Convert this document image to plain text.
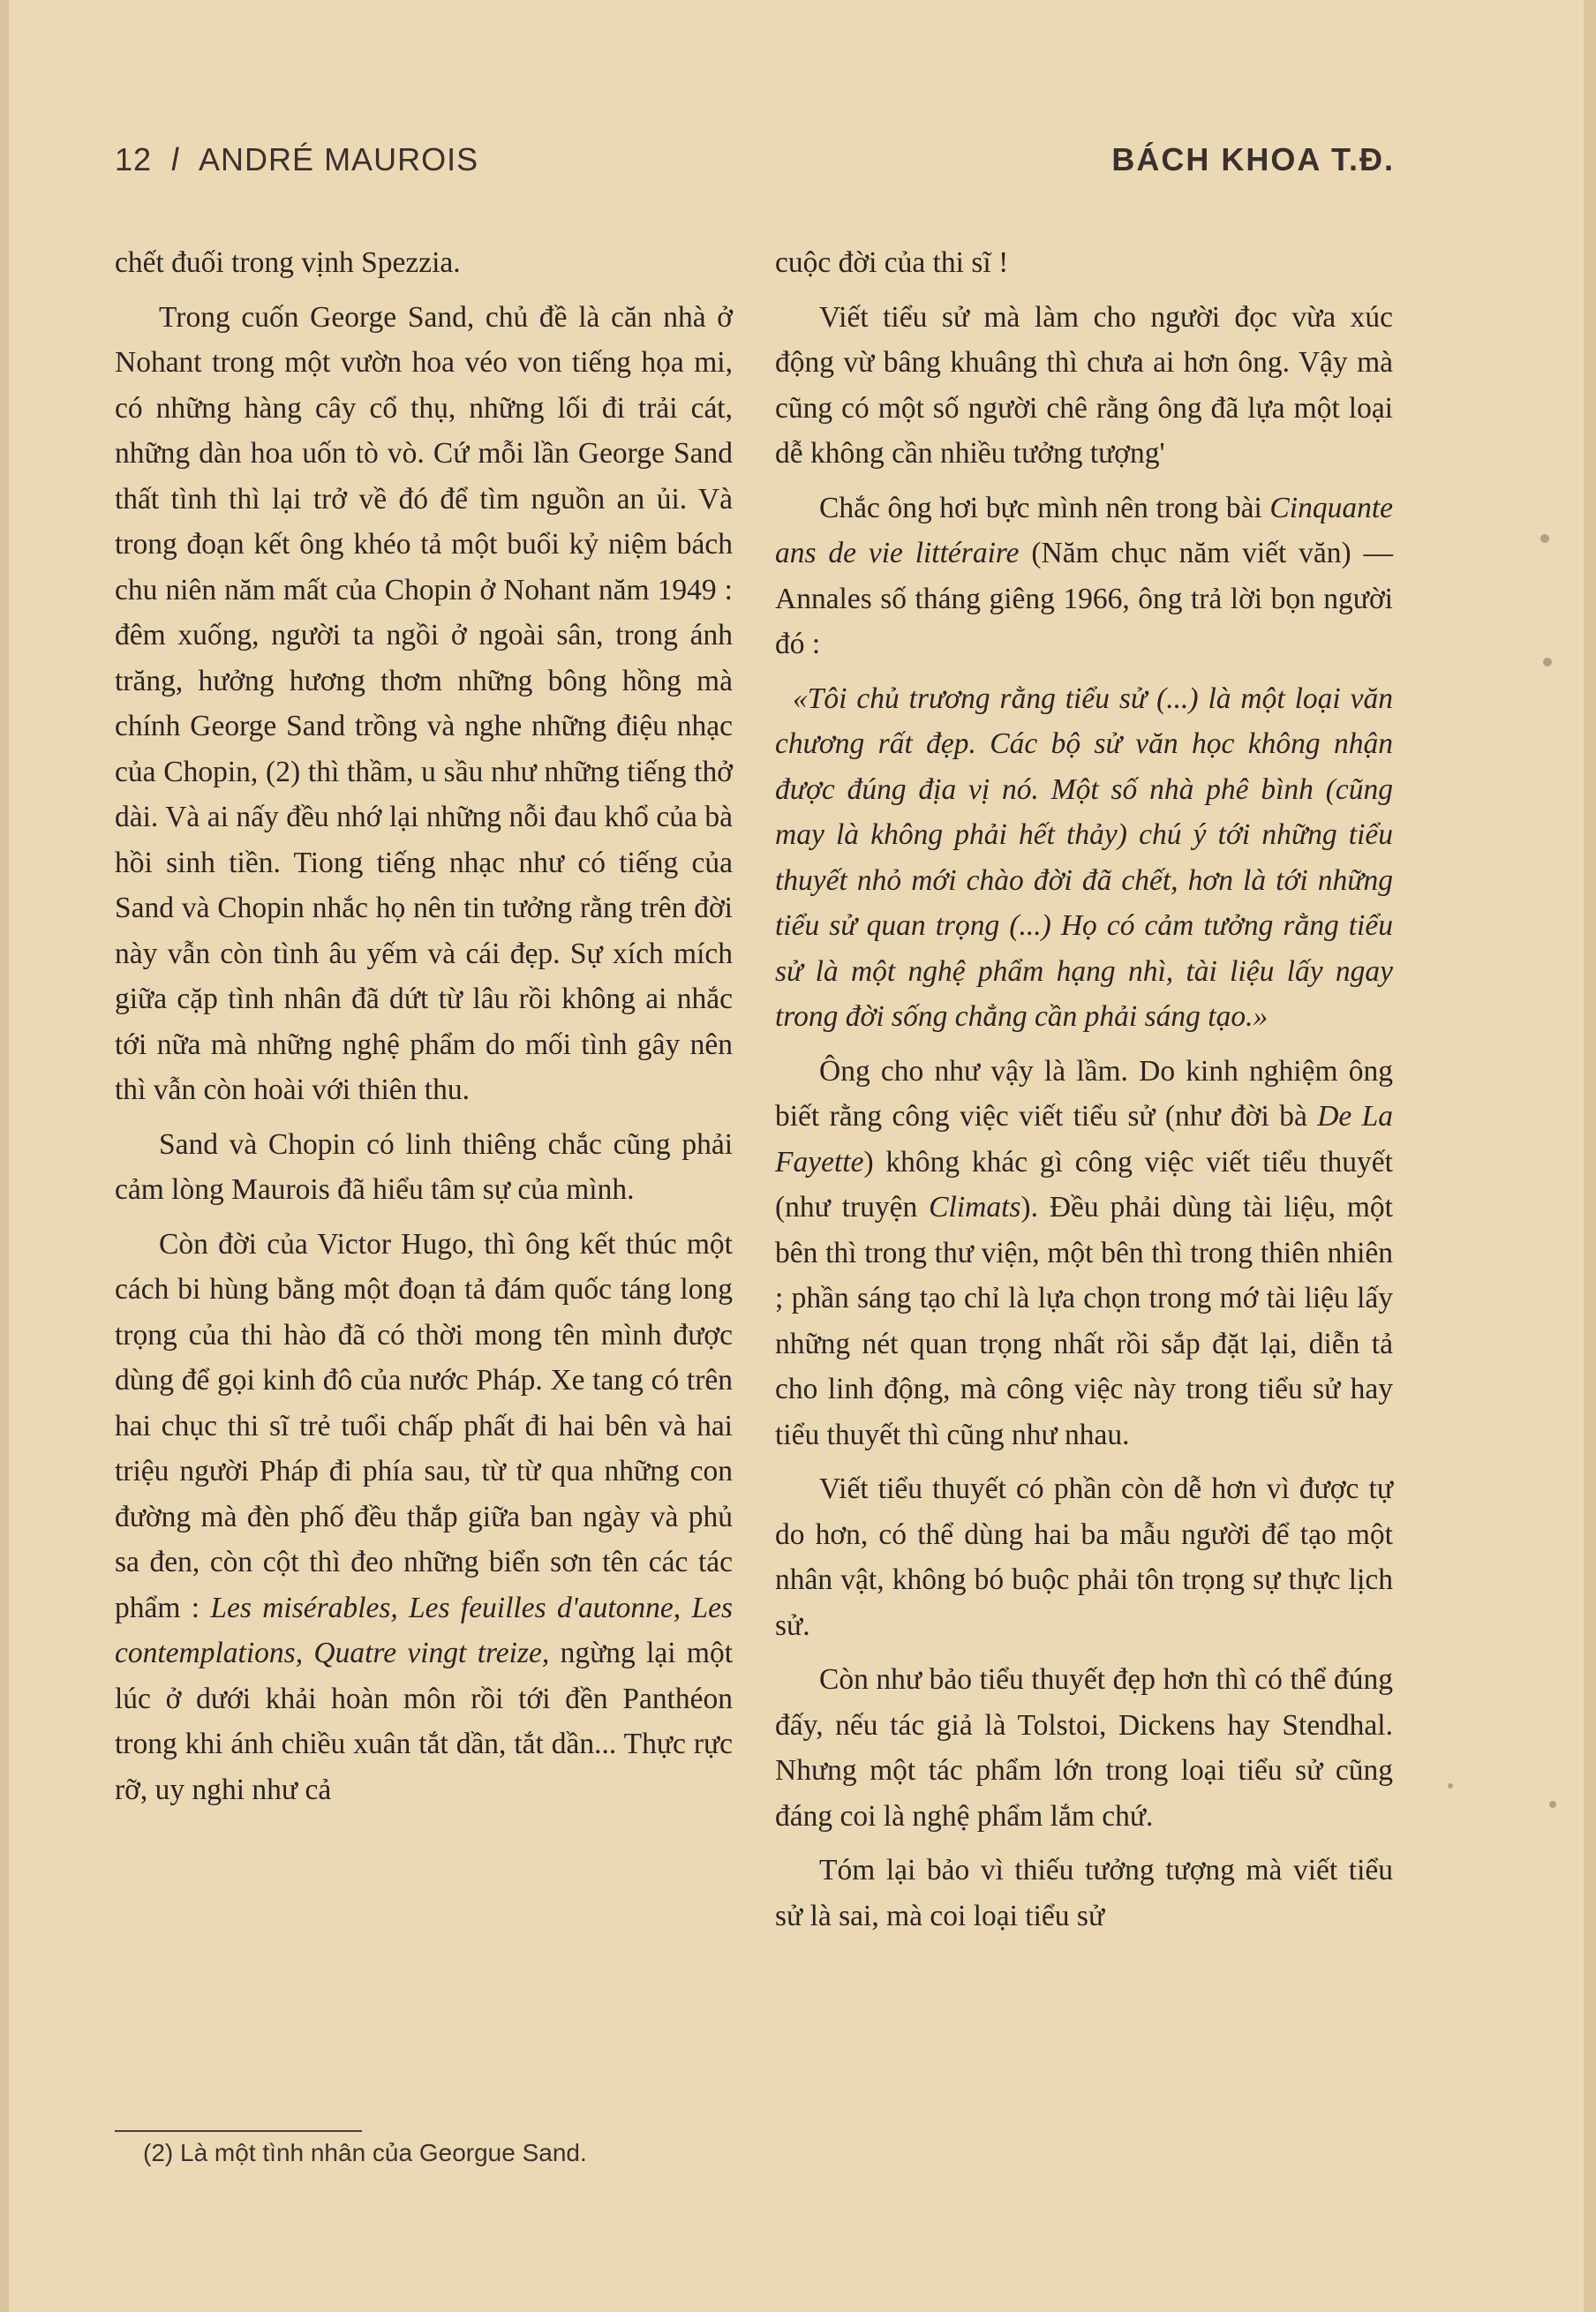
12 l ANDRÉ MAUROIS	BÁCH KHOA T.Đ.

chết đuối trong vịnh Spezzia.

Trong cuốn George Sand, chủ đề là căn nhà ở Nohant trong một vườn hoa véo von tiếng họa mi, có những hàng cây cổ thụ, những lối đi trải cát, những dàn hoa uốn tò vò. Cứ mỗi lần George Sand thất tình thì lại trở về đó để tìm nguồn an ủi. Và trong đoạn kết ông khéo tả một buổi kỷ niệm bách chu niên năm mất của Chopin ở Nohant năm 1949 : đêm xuống, người ta ngồi ở ngoài sân, trong ánh trăng, hưởng hương thơm những bông hồng mà chính George Sand trồng và nghe những điệu nhạc của Chopin, (2) thì thầm, u sầu như những tiếng thở dài. Và ai nấy đều nhớ lại những nỗi đau khổ của bà hồi sinh tiền. Tiong tiếng nhạc như có tiếng của Sand và Chopin nhắc họ nên tin tưởng rằng trên đời này vẫn còn tình âu yếm và cái đẹp. Sự xích mích giữa cặp tình nhân đã dứt từ lâu rồi không ai nhắc tới nữa mà những nghệ phẩm do mối tình gây nên thì vẫn còn hoài với thiên thu.

Sand và Chopin có linh thiêng chắc cũng phải cảm lòng Maurois đã hiểu tâm sự của mình.

Còn đời của Victor Hugo, thì ông kết thúc một cách bi hùng bằng một đoạn tả đám quốc táng long trọng của thi hào đã có thời mong tên mình được dùng để gọi kinh đô của nước Pháp. Xe tang có trên hai chục thi sĩ trẻ tuổi chấp phất đi hai bên và hai triệu người Pháp đi phía sau, từ từ qua những con đường mà đèn phố đều thắp giữa ban ngày và phủ sa đen, còn cột thì đeo những biển sơn tên các tác phẩm : Les misérables, Les feuilles d'autonne, Les contemplations, Quatre vingt treize, ngừng lại một lúc ở dưới khải hoàn môn rồi tới đền Panthéon trong khi ánh chiều xuân tắt dần, tắt dần... Thực rực rỡ, uy nghi như cả

cuộc đời của thi sĩ !

Viết tiểu sử mà làm cho người đọc vừa xúc động vừ bâng khuâng thì chưa ai hơn ông. Vậy mà cũng có một số người chê rằng ông đã lựa một loại dễ không cần nhiều tưởng tượng'

Chắc ông hơi bực mình nên trong bài Cinquante ans de vie littéraire (Năm chục năm viết văn) — Annales số tháng giêng 1966, ông trả lời bọn người đó :

«Tôi chủ trương rằng tiểu sử (...) là một loại văn chương rất đẹp. Các bộ sử văn học không nhận được đúng địa vị nó. Một số nhà phê bình (cũng may là không phải hết thảy) chú ý tới những tiểu thuyết nhỏ mới chào đời đã chết, hơn là tới những tiểu sử quan trọng (...) Họ có cảm tưởng rằng tiểu sử là một nghệ phẩm hạng nhì, tài liệu lấy ngay trong đời sống chẳng cần phải sáng tạo.»

Ông cho như vậy là lầm. Do kinh nghiệm ông biết rằng công việc viết tiểu sử (như đời bà De La Fayette) không khác gì công việc viết tiểu thuyết (như truyện Climats). Đều phải dùng tài liệu, một bên thì trong thư viện, một bên thì trong thiên nhiên ; phần sáng tạo chỉ là lựa chọn trong mớ tài liệu lấy những nét quan trọng nhất rồi sắp đặt lại, diễn tả cho linh động, mà công việc này trong tiểu sử hay tiểu thuyết thì cũng như nhau.

Viết tiểu thuyết có phần còn dễ hơn vì được tự do hơn, có thể dùng hai ba mẫu người để tạo một nhân vật, không bó buộc phải tôn trọng sự thực lịch sử.

Còn như bảo tiểu thuyết đẹp hơn thì có thể đúng đấy, nếu tác giả là Tolstoi, Dickens hay Stendhal. Nhưng một tác phẩm lớn trong loại tiểu sử cũng đáng coi là nghệ phẩm lắm chứ.

Tóm lại bảo vì thiếu tưởng tượng mà viết tiểu sử là sai, mà coi loại tiểu sử

(2) Là một tình nhân của Georgue Sand.
